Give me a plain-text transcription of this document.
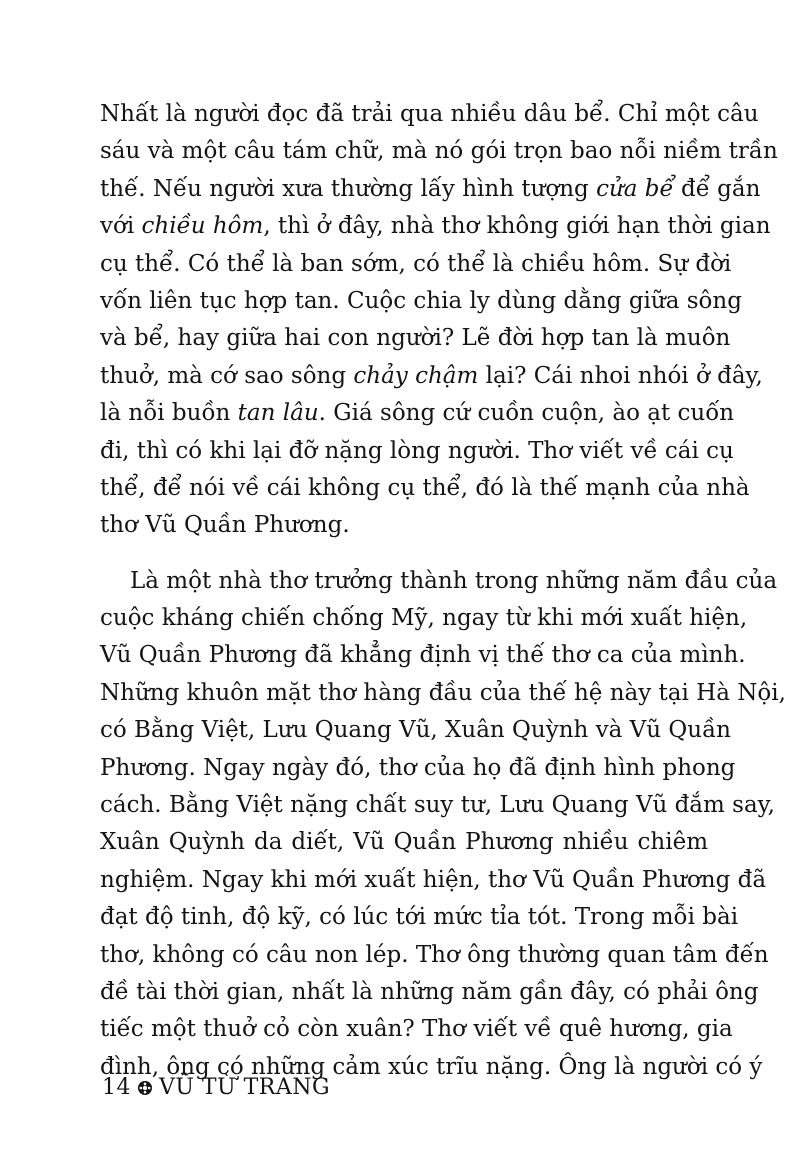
Nhất là người đọc đã trải qua nhiều dâu bể. Chỉ một câu
sáu và một câu tám chữ, mà nó gói trọn bao nỗi niềm trần
thế. Nếu người xưa thường lấy hình tượng cửa bể để gắn
với chiều hôm, thì ở đây, nhà thơ không giới hạn thời gian
cụ thể. Có thể là ban sớm, có thể là chiều hôm. Sự đời
vốn liên tục hợp tan. Cuộc chia ly dùng dằng giữa sông
và bể, hay giữa hai con người? Lẽ đời hợp tan là muôn
thuở, mà cớ sao sông chảy chậm lại? Cái nhoi nhói ở đây,
là nỗi buồn tan lâu. Giá sông cứ cuồn cuộn, ào ạt cuốn
đi, thì có khi lại đỡ nặng lòng người. Thơ viết về cái cụ
thể, để nói về cái không cụ thể, đó là thế mạnh của nhà
thơ Vũ Quần Phương.
Là một nhà thơ trưởng thành trong những năm đầu của
cuộc kháng chiến chống Mỹ, ngay từ khi mới xuất hiện,
Vũ Quần Phương đã khẳng định vị thế thơ ca của mình.
Những khuôn mặt thơ hàng đầu của thế hệ này tại Hà Nội,
có Bằng Việt, Lưu Quang Vũ, Xuân Quỳnh và Vũ Quần
Phương. Ngay ngày đó, thơ của họ đã định hình phong
cách. Bằng Việt nặng chất suy tư, Lưu Quang Vũ đắm say,
Xuân Quỳnh da diết, Vũ Quần Phương nhiều chiêm
nghiệm. Ngay khi mới xuất hiện, thơ Vũ Quần Phương đã
đạt độ tinh, độ kỹ, có lúc tới mức tỉa tót. Trong mỗi bài
thơ, không có câu non lép. Thơ ông thường quan tâm đến
đề tài thời gian, nhất là những năm gần đây, có phải ông
tiếc một thuở cỏ còn xuân? Thơ viết về quê hương, gia
đình, ông có những cảm xúc trĩu nặng. Ông là người có ý
14 VŨ TỪ TRANG
